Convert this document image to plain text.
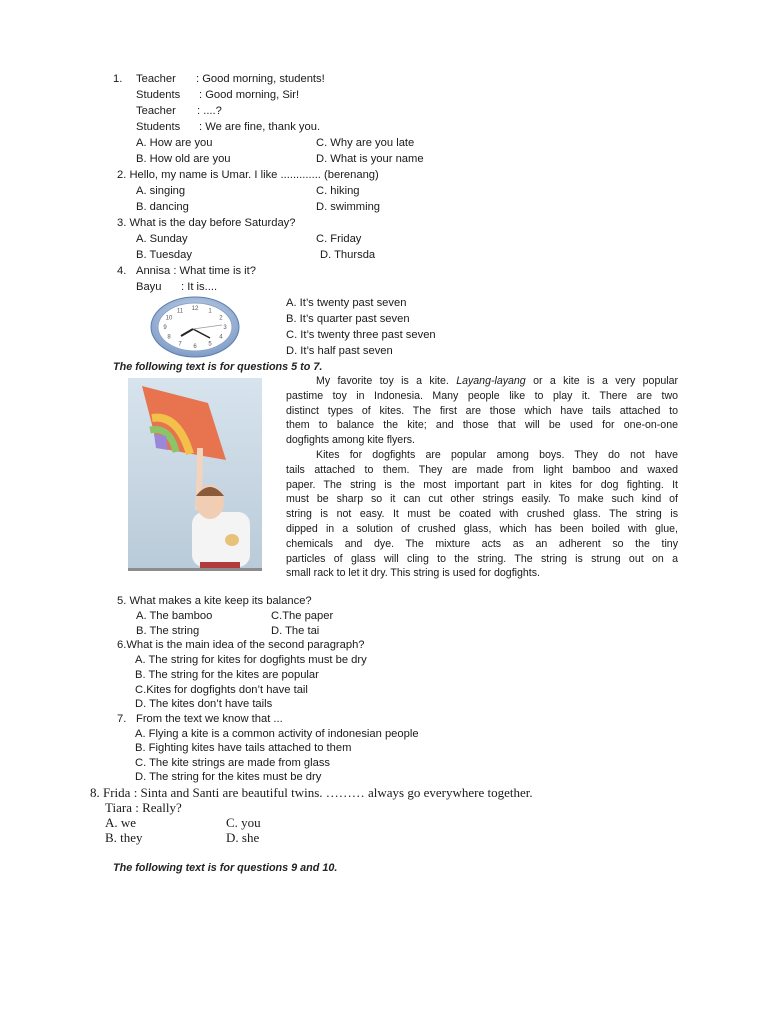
1. Teacher : Good morning, students!
Students : Good morning, Sir!
Teacher : ....?
Students : We are fine, thank you.
A. How are you	C. Why are you late
B. How old are you	D. What is your name
2. Hello, my name is Umar. I like ............. (berenang)
A. singing	C. hiking
B. dancing	D. swimming
3. What is the day before Saturday?
A. Sunday	C. Friday
B. Tuesday	D. Thursda
4. Annisa : What time is it?
Bayu : It is....
A. It’s twenty past seven
B. It’s quarter past seven
C. It’s twenty three past seven
D. It’s half past seven
12 1
2
3
4
5
6
7
8
9
10
11
The following text is for questions 5 to 7.
My favorite toy is a kite. Layang-layang or a kite is a very popular
pastime toy in Indonesia. Many people like to play it. There are two
distinct types of kites. The first are those which have tails attached to
them to balance the kite; and those that will be used for one-on-one
dogfights among kite flyers.
Kites for dogfights are popular among boys. They do not have
tails attached to them. They are made from light bamboo and waxed
paper. The string is the most important part in kites for dog fighting. It
must be sharp so it can cut other strings easily. To make such kind of
string is not easy. It must be coated with crushed glass. The string is
dipped in a solution of crushed glass, which has been boiled with glue,
chemicals and dye. The mixture acts as an adherent so the tiny
particles of glass will cling to the string. The string is strung out on a
small rack to let it dry. This string is used for dogfights.
5. What makes a kite keep its balance?
A. The bamboo	C.The paper
B. The string	D. The tai
6.What is the main idea of the second paragraph?
A. The string for kites for dogfights must be dry
B. The string for the kites are popular
C.Kites for dogfights don’t have tail
D. The kites don’t have tails
7. From the text we know that ...
A. Flying a kite is a common activity of indonesian people
B. Fighting kites have tails attached to them
C. The kite strings are made from glass
D. The string for the kites must be dry
8. Frida : Sinta and Santi are beautiful twins. ……… always go everywhere together.
Tiara : Really?
A. we	C. you
B. they	D. she
The following text is for questions 9 and 10.
